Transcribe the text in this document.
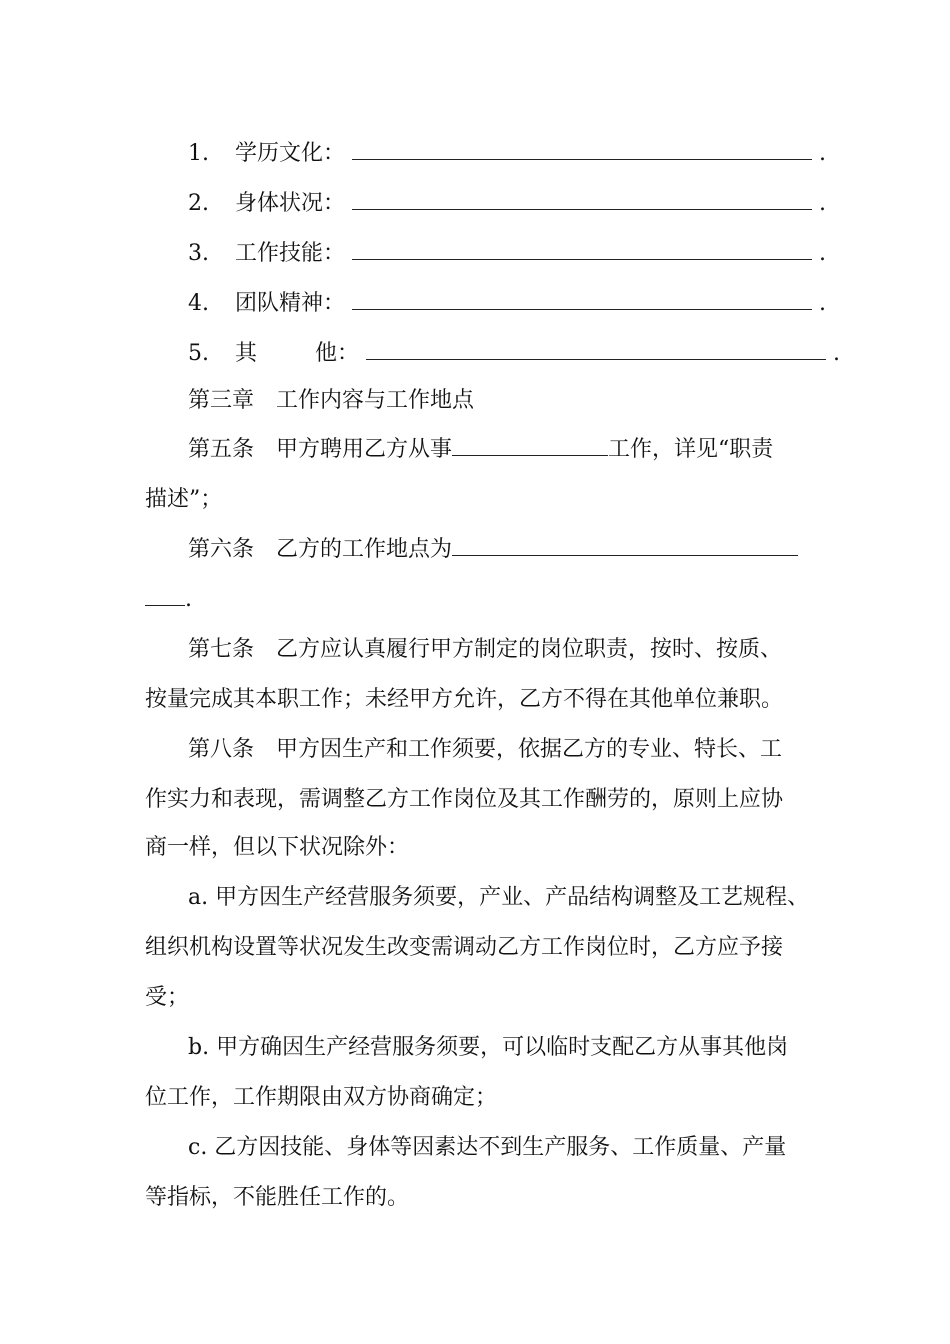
1. 学历文化：	.
2. 身体状况：	.
3. 工作技能：	.
4. 团队精神：	.
5. 其	他：	.
第三章　工作内容与工作地点
第五条　甲方聘用乙方从事	工作，详见“职责
描述”；
第六条　乙方的工作地点为
.
第七条　乙方应认真履行甲方制定的岗位职责，按时、按质、
按量完成其本职工作；未经甲方允许，乙方不得在其他单位兼职。
第八条　甲方因生产和工作须要，依据乙方的专业、特长、工
作实力和表现，需调整乙方工作岗位及其工作酬劳的，原则上应协
商一样，但以下状况除外：
a. 甲方因生产经营服务须要，产业、产品结构调整及工艺规程、
组织机构设置等状况发生改变需调动乙方工作岗位时，乙方应予接
受；
b. 甲方确因生产经营服务须要，可以临时支配乙方从事其他岗
位工作，工作期限由双方协商确定；
c. 乙方因技能、身体等因素达不到生产服务、工作质量、产量
等指标，不能胜任工作的。
